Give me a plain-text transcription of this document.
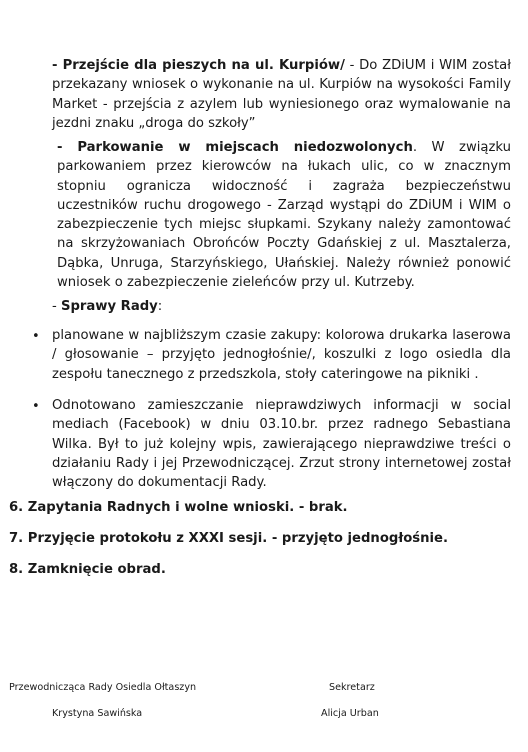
- Przejście dla pieszych na ul. Kurpiów/ - Do ZDiUM i WIM został przekazany wniosek o wykonanie na ul. Kurpiów na wysokości Family Market - przejścia z azylem lub wyniesionego oraz wymalowanie na jezdni znaku „droga do szkoły”

- Parkowanie w miejscach niedozwolonych. W związku parkowaniem przez kierowców na łukach ulic, co w znacznym stopniu ogranicza widoczność i zagraża bezpieczeństwu uczestników ruchu drogowego - Zarząd wystąpi do ZDiUM i WIM o zabezpieczenie tych miejsc słupkami. Szykany należy zamontować na skrzyżowaniach Obrońców Poczty Gdańskiej z ul. Masztalerza, Dąbka, Unruga, Starzyńskiego, Ułańskiej. Należy również ponowić wniosek o zabezpieczenie zieleńców przy ul. Kutrzeby.

- Sprawy Rady:

• planowane w najbliższym czasie zakupy: kolorowa drukarka laserowa / głosowanie – przyjęto jednogłośnie/, koszulki z logo osiedla dla zespołu tanecznego z przedszkola, stoły cateringowe na pikniki .

• Odnotowano zamieszczanie nieprawdziwych informacji w social mediach (Facebook) w dniu 03.10.br. przez radnego Sebastiana Wilka. Był to już kolejny wpis, zawierającego nieprawdziwe treści o działaniu Rady i jej Przewodniczącej. Zrzut strony internetowej został włączony do dokumentacji Rady.

6. Zapytania Radnych i wolne wnioski. - brak.
7. Przyjęcie protokołu z XXXI sesji. - przyjęto jednogłośnie.
8. Zamknięcie obrad.
Przewodnicząca Rady Osiedla Ołtaszyn
Krystyna Sawińska
Sekretarz
Alicja Urban
